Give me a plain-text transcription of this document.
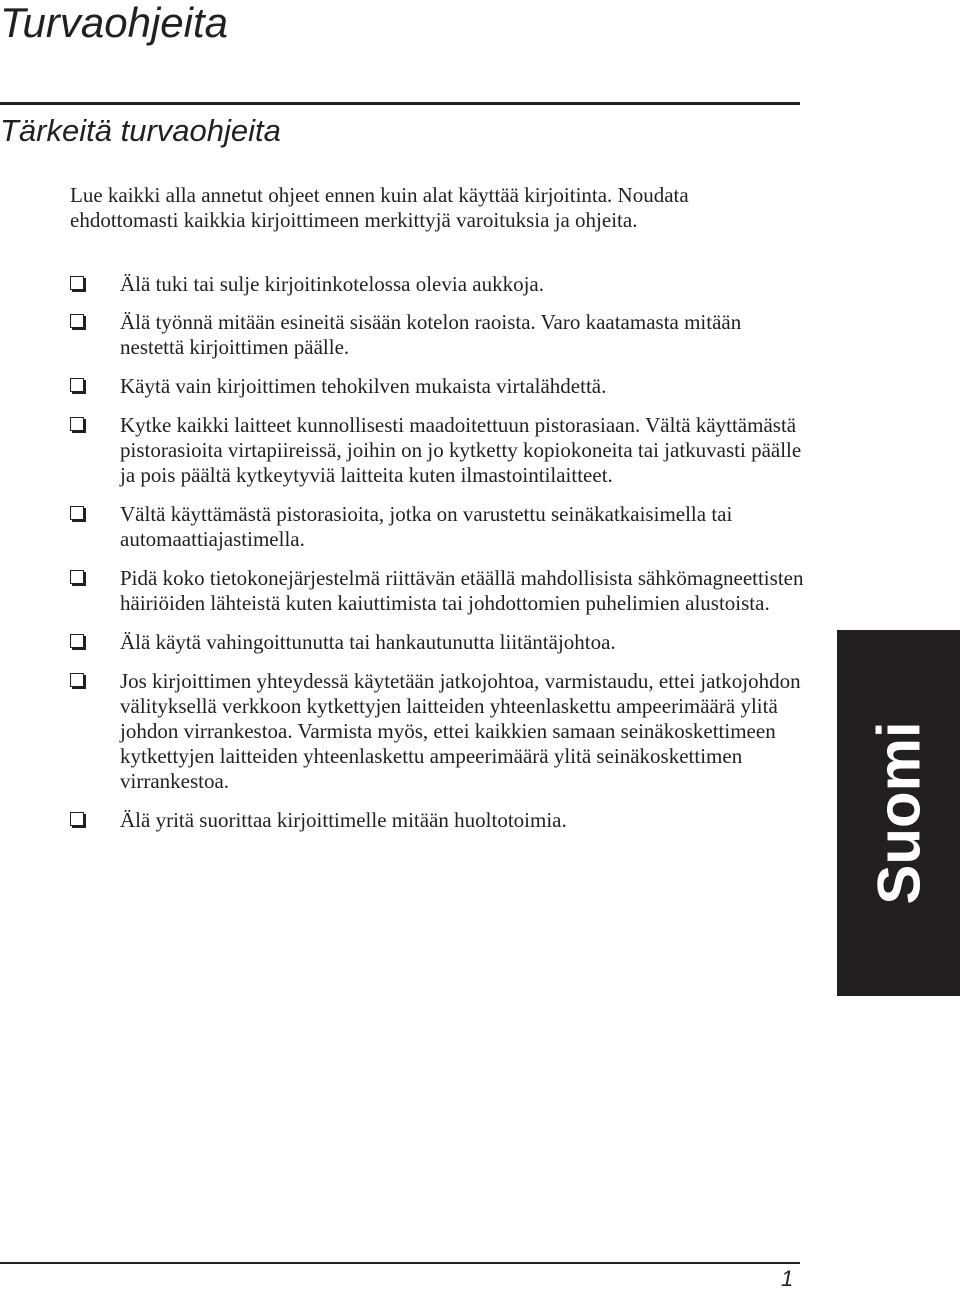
Turvaohjeita
Tärkeitä turvaohjeita

Lue kaikki alla annetut ohjeet ennen kuin alat käyttää kirjoitinta. Noudata ehdottomasti kaikkia kirjoittimeen merkittyjä varoituksia ja ohjeita.

Älä tuki tai sulje kirjoitinkotelossa olevia aukkoja.
Älä työnnä mitään esineitä sisään kotelon raoista. Varo kaatamasta mitään nestettä kirjoittimen päälle.
Käytä vain kirjoittimen tehokilven mukaista virtalähdettä.
Kytke kaikki laitteet kunnollisesti maadoitettuun pistorasiaan. Vältä käyttämästä pistorasioita virtapiireissä, joihin on jo kytketty kopiokoneita tai jatkuvasti päälle ja pois päältä kytkeytyviä laitteita kuten ilmastointilaitteet.
Vältä käyttämästä pistorasioita, jotka on varustettu seinäkatkaisimella tai automaattiajastimella.
Pidä koko tietokonejärjestelmä riittävän etäällä mahdollisista sähkömagneettisten häiriöiden lähteistä kuten kaiuttimista tai johdottomien puhelimien alustoista.
Älä käytä vahingoittunutta tai hankautunutta liitäntäjohtoa.
Jos kirjoittimen yhteydessä käytetään jatkojohtoa, varmistaudu, ettei jatkojohdon välityksellä verkkoon kytkettyjen laitteiden yhteenlaskettu ampeerimäärä ylitä johdon virrankestoa. Varmista myös, ettei kaikkien samaan seinäkoskettimeen kytkettyjen laitteiden yhteenlaskettu ampeerimäärä ylitä seinäkoskettimen virrankestoa.
Älä yritä suorittaa kirjoittimelle mitään huoltotoimia.	Suomi
1
